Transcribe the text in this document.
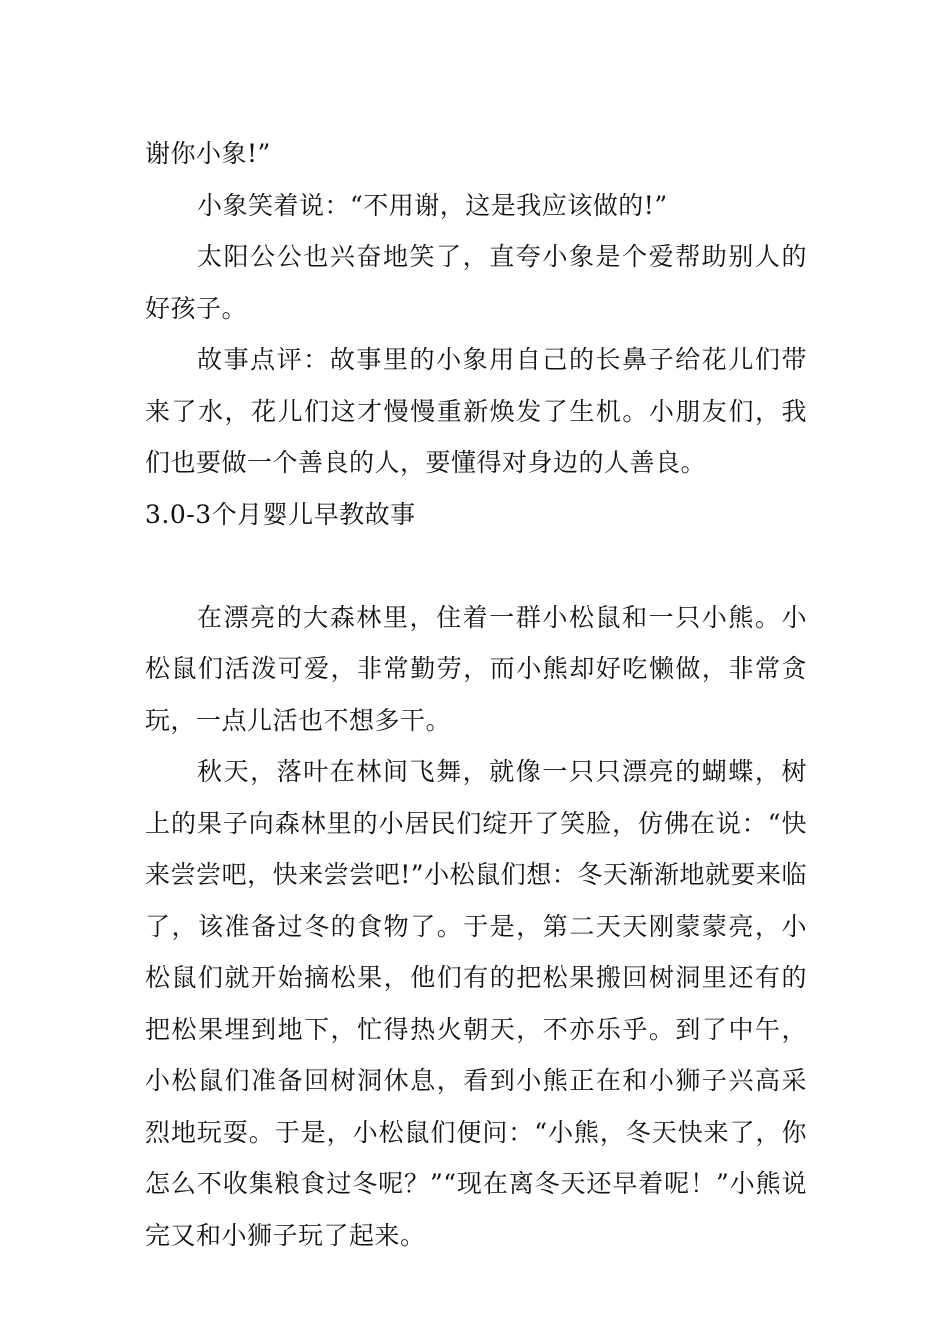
谢你小象!”

小象笑着说：“不用谢，这是我应该做的!”

太阳公公也兴奋地笑了，直夸小象是个爱帮助别人的好孩子。

故事点评：故事里的小象用自己的长鼻子给花儿们带来了水，花儿们这才慢慢重新焕发了生机。小朋友们，我们也要做一个善良的人，要懂得对身边的人善良。

3.0-3个月婴儿早教故事

在漂亮的大森林里，住着一群小松鼠和一只小熊。小松鼠们活泼可爱，非常勤劳，而小熊却好吃懒做，非常贪玩，一点儿活也不想多干。

秋天，落叶在林间飞舞，就像一只只漂亮的蝴蝶，树上的果子向森林里的小居民们绽开了笑脸，仿佛在说：“快来尝尝吧，快来尝尝吧!”小松鼠们想：冬天渐渐地就要来临了，该准备过冬的食物了。于是，第二天天刚蒙蒙亮，小松鼠们就开始摘松果，他们有的把松果搬回树洞里还有的把松果埋到地下，忙得热火朝天，不亦乐乎。到了中午，小松鼠们准备回树洞休息，看到小熊正在和小狮子兴高采烈地玩耍。于是，小松鼠们便问：“小熊，冬天快来了，你怎么不收集粮食过冬呢？”“现在离冬天还早着呢！”小熊说完又和小狮子玩了起来。
